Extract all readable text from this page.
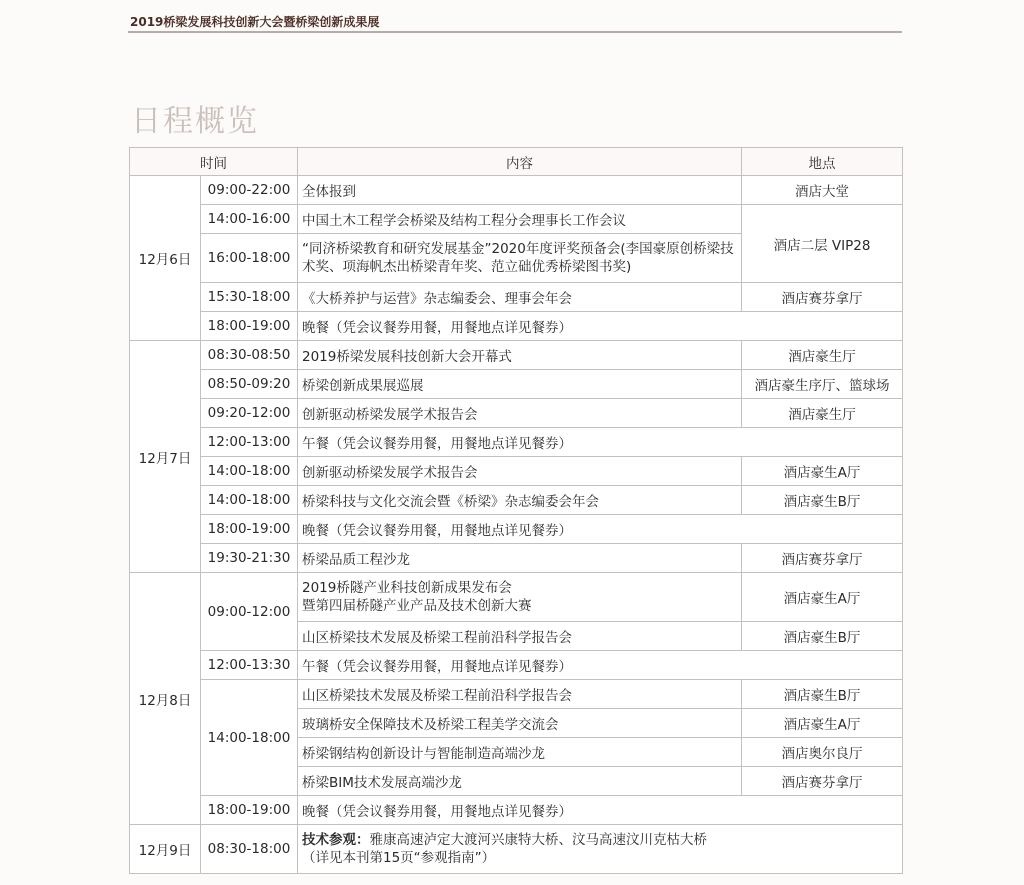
2019桥梁发展科技创新大会暨桥梁创新成果展
日程概览
时间		内容	地点
12月6日	09:00-22:00	全体报到	酒店大堂
	14:00-16:00	中国土木工程学会桥梁及结构工程分会理事长工作会议	酒店二层 VIP28
	16:00-18:00	“同济桥梁教育和研究发展基金”2020年度评奖预备会(李国豪原创桥梁技术奖、项海帆杰出桥梁青年奖、范立础优秀桥梁图书奖)	
	15:30-18:00	《大桥养护与运营》杂志编委会、理事会年会	酒店赛芬拿厅
	18:00-19:00	晚餐（凭会议餐券用餐，用餐地点详见餐券）	
12月7日	08:30-08:50	2019桥梁发展科技创新大会开幕式	酒店豪生厅
	08:50-09:20	桥梁创新成果展巡展	酒店豪生序厅、篮球场
	09:20-12:00	创新驱动桥梁发展学术报告会	酒店豪生厅
	12:00-13:00	午餐（凭会议餐券用餐，用餐地点详见餐券）	
	14:00-18:00	创新驱动桥梁发展学术报告会	酒店豪生A厅
	14:00-18:00	桥梁科技与文化交流会暨《桥梁》杂志编委会年会	酒店豪生B厅
	18:00-19:00	晚餐（凭会议餐券用餐，用餐地点详见餐券）	
	19:30-21:30	桥梁品质工程沙龙	酒店赛芬拿厅
12月8日	09:00-12:00	2019桥隧产业科技创新成果发布会
暨第四届桥隧产业产品及技术创新大赛	酒店豪生A厅
		山区桥梁技术发展及桥梁工程前沿科学报告会	酒店豪生B厅
	12:00-13:30	午餐（凭会议餐券用餐，用餐地点详见餐券）	
	14:00-18:00	山区桥梁技术发展及桥梁工程前沿科学报告会	酒店豪生B厅
		玻璃桥安全保障技术及桥梁工程美学交流会	酒店豪生A厅
		桥梁钢结构创新设计与智能制造高端沙龙	酒店奥尔良厅
		桥梁BIM技术发展高端沙龙	酒店赛芬拿厅
	18:00-19:00	晚餐（凭会议餐券用餐，用餐地点详见餐券）	
12月9日	08:30-18:00	技术参观：雅康高速泸定大渡河兴康特大桥、汶马高速汶川克枯大桥
（详见本刊第15页“参观指南”）	
